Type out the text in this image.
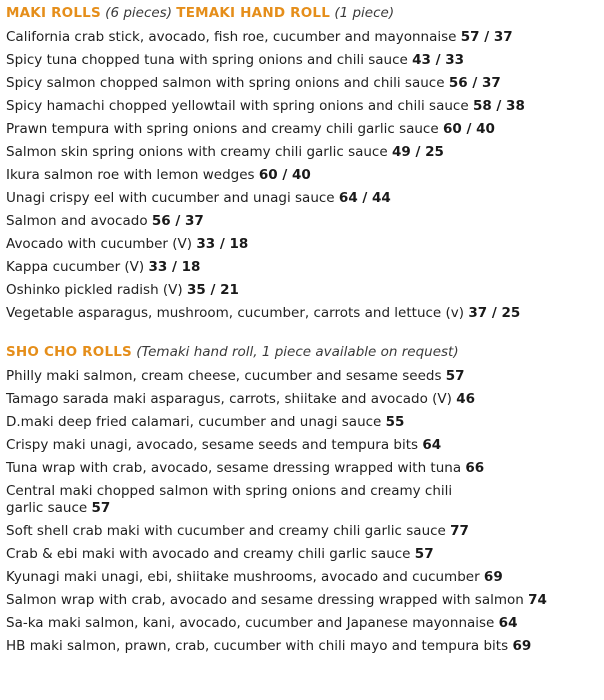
MAKI ROLLS (6 pieces) TEMAKI HAND ROLL (1 piece)
California crab stick, avocado, fish roe, cucumber and mayonnaise 57 / 37
Spicy tuna chopped tuna with spring onions and chili sauce 43 / 33
Spicy salmon chopped salmon with spring onions and chili sauce 56 / 37
Spicy hamachi chopped yellowtail with spring onions and chili sauce 58 / 38
Prawn tempura with spring onions and creamy chili garlic sauce 60 / 40
Salmon skin spring onions with creamy chili garlic sauce 49 / 25
Ikura salmon roe with lemon wedges 60 / 40
Unagi crispy eel with cucumber and unagi sauce 64 / 44
Salmon and avocado 56 / 37
Avocado with cucumber (V) 33 / 18
Kappa cucumber (V) 33 / 18
Oshinko pickled radish (V) 35 / 21
Vegetable asparagus, mushroom, cucumber, carrots and lettuce (v) 37 / 25
SHO CHO ROLLS (Temaki hand roll, 1 piece available on request)
Philly maki salmon, cream cheese, cucumber and sesame seeds 57
Tamago sarada maki asparagus, carrots, shiitake and avocado (V) 46
D.maki deep fried calamari, cucumber and unagi sauce 55
Crispy maki unagi, avocado, sesame seeds and tempura bits 64
Tuna wrap with crab, avocado, sesame dressing wrapped with tuna 66
Central maki chopped salmon with spring onions and creamy chili garlic sauce 57
Soft shell crab maki with cucumber and creamy chili garlic sauce 77
Crab & ebi maki with avocado and creamy chili garlic sauce 57
Kyunagi maki unagi, ebi, shiitake mushrooms, avocado and cucumber 69
Salmon wrap with crab, avocado and sesame dressing wrapped with salmon 74
Sa-ka maki salmon, kani, avocado, cucumber and Japanese mayonnaise 64
HB maki salmon, prawn, crab, cucumber with chili mayo and tempura bits 69
